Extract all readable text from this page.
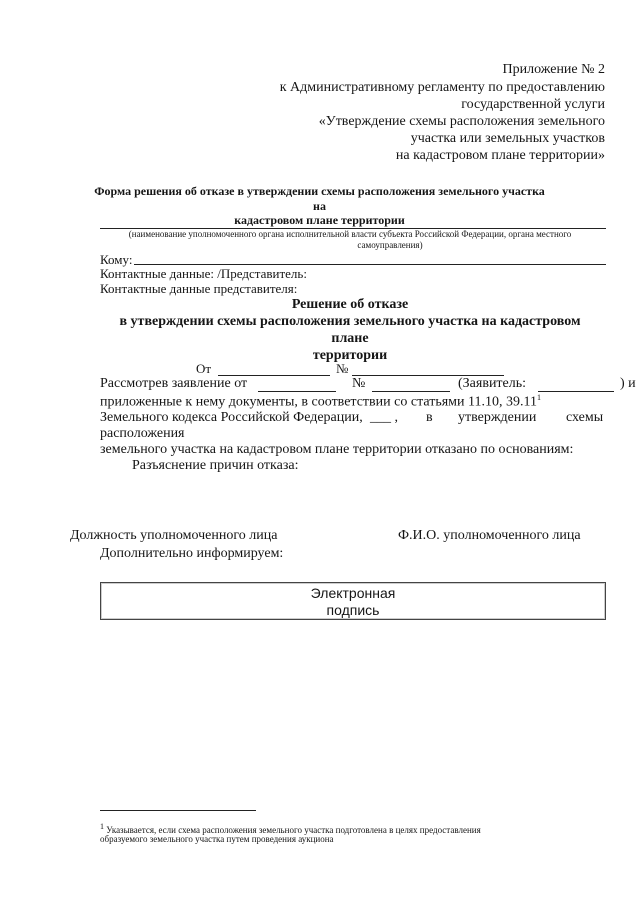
Приложение № 2
к Административному регламенту по предоставлению
государственной услуги
«Утверждение схемы расположения земельного
участка или земельных участков
на кадастровом плане территории»
Форма решения об отказе в утверждении схемы расположения земельного участка
на
кадастровом плане территории
(наименование уполномоченного органа исполнительной власти субъекта Российской Федерации, органа местного
самоуправления)
Кому:
Контактные данные: /Представитель:
Контактные данные представителя:
Решение об отказе
в утверждении схемы расположения земельного участка на кадастровом
плане
территории
От	№
Рассмотрев заявление от	№	(Заявитель:	) и
приложенные к нему документы, в соответствии со статьями 11.10, 39.11$^1$
Земельного кодекса Российской Федерации, ___ , в утверждении схемы
расположения
земельного участка на кадастровом плане территории отказано по основаниям:
Разъяснение причин отказа:
Должность уполномоченного лица	Ф.И.О. уполномоченного лица
Дополнительно информируем:
Электронная
подпись
1 Указывается, если схема расположения земельного участка подготовлена в целях предоставления
образуемого земельного участка путем проведения аукциона
